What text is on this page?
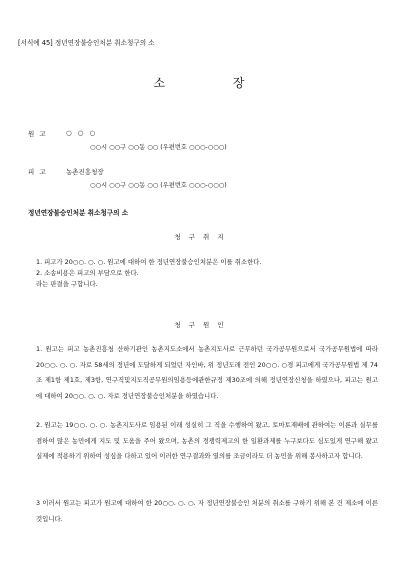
[서식예 45] 정년연장불승인처분 취소청구의 소
소 장
원 고	○ ○ ○
○○시 ○○구 ○○동 ○○ (우편번호 ○○○-○○○)
피 고	농촌진흥청장
○○시 ○○구 ○○동 ○○ (우편번호 ○○○-○○○)
정년연장불승인처분 취소청구의 소
청 구 취 지
1. 피고가 20○○. ○. ○. 원고에 대하여 한 정년연장불승인처분은 이를 취소한다.
2. 소송비용은 피고의 부담으로 한다.
라는 판결을 구합니다.
청 구 원 인
1. 원고는 피고 농촌진흥청 산하기관인 농촌지도소에서 농촌지도사로 근무하던 국가공무원으로서 국가공무원법에 따라 20○○. ○. ○. 자로 58세의 정년에 도달하게 되었던 자인바, 위 정년도래 전인 20○○. ○경 피고에게 국가공무원법 제 74조 제1항 제1호, 제3항, 연구직및지도직공무원의임용등에관한규정 제30조에 의해 정년연장신청을 하였으나, 피고는 원고에 대하여 20○○. ○. ○. 자로 정년연장불승인처분을 하였습니다.
2. 원고는 19○○. ○. ○. 농촌지도사로 임용된 이래 성실히 그 직을 수행하여 왔고, 토마토재배에 관하여는 이론과 실무를 겸하여 많은 농민에게 지도 및 도움을 주어 왔으며, 농촌의 경쟁력제고의 한 일환과제를 누구보다도 심도있게 연구해 왔고 실제에 적용하기 위하여 성심을 다하고 있어 이러한 연구결과와 열의를 조금이라도 더 농민을 위해 봉사하고자 합니다.
3 이러서 원고는 피고가 원고에 대하여 한 20○○. ○. ○. 자 정년연장불승인 처분의 취소를 구하기 위해 본 건 제소에 이른 것입니다.
